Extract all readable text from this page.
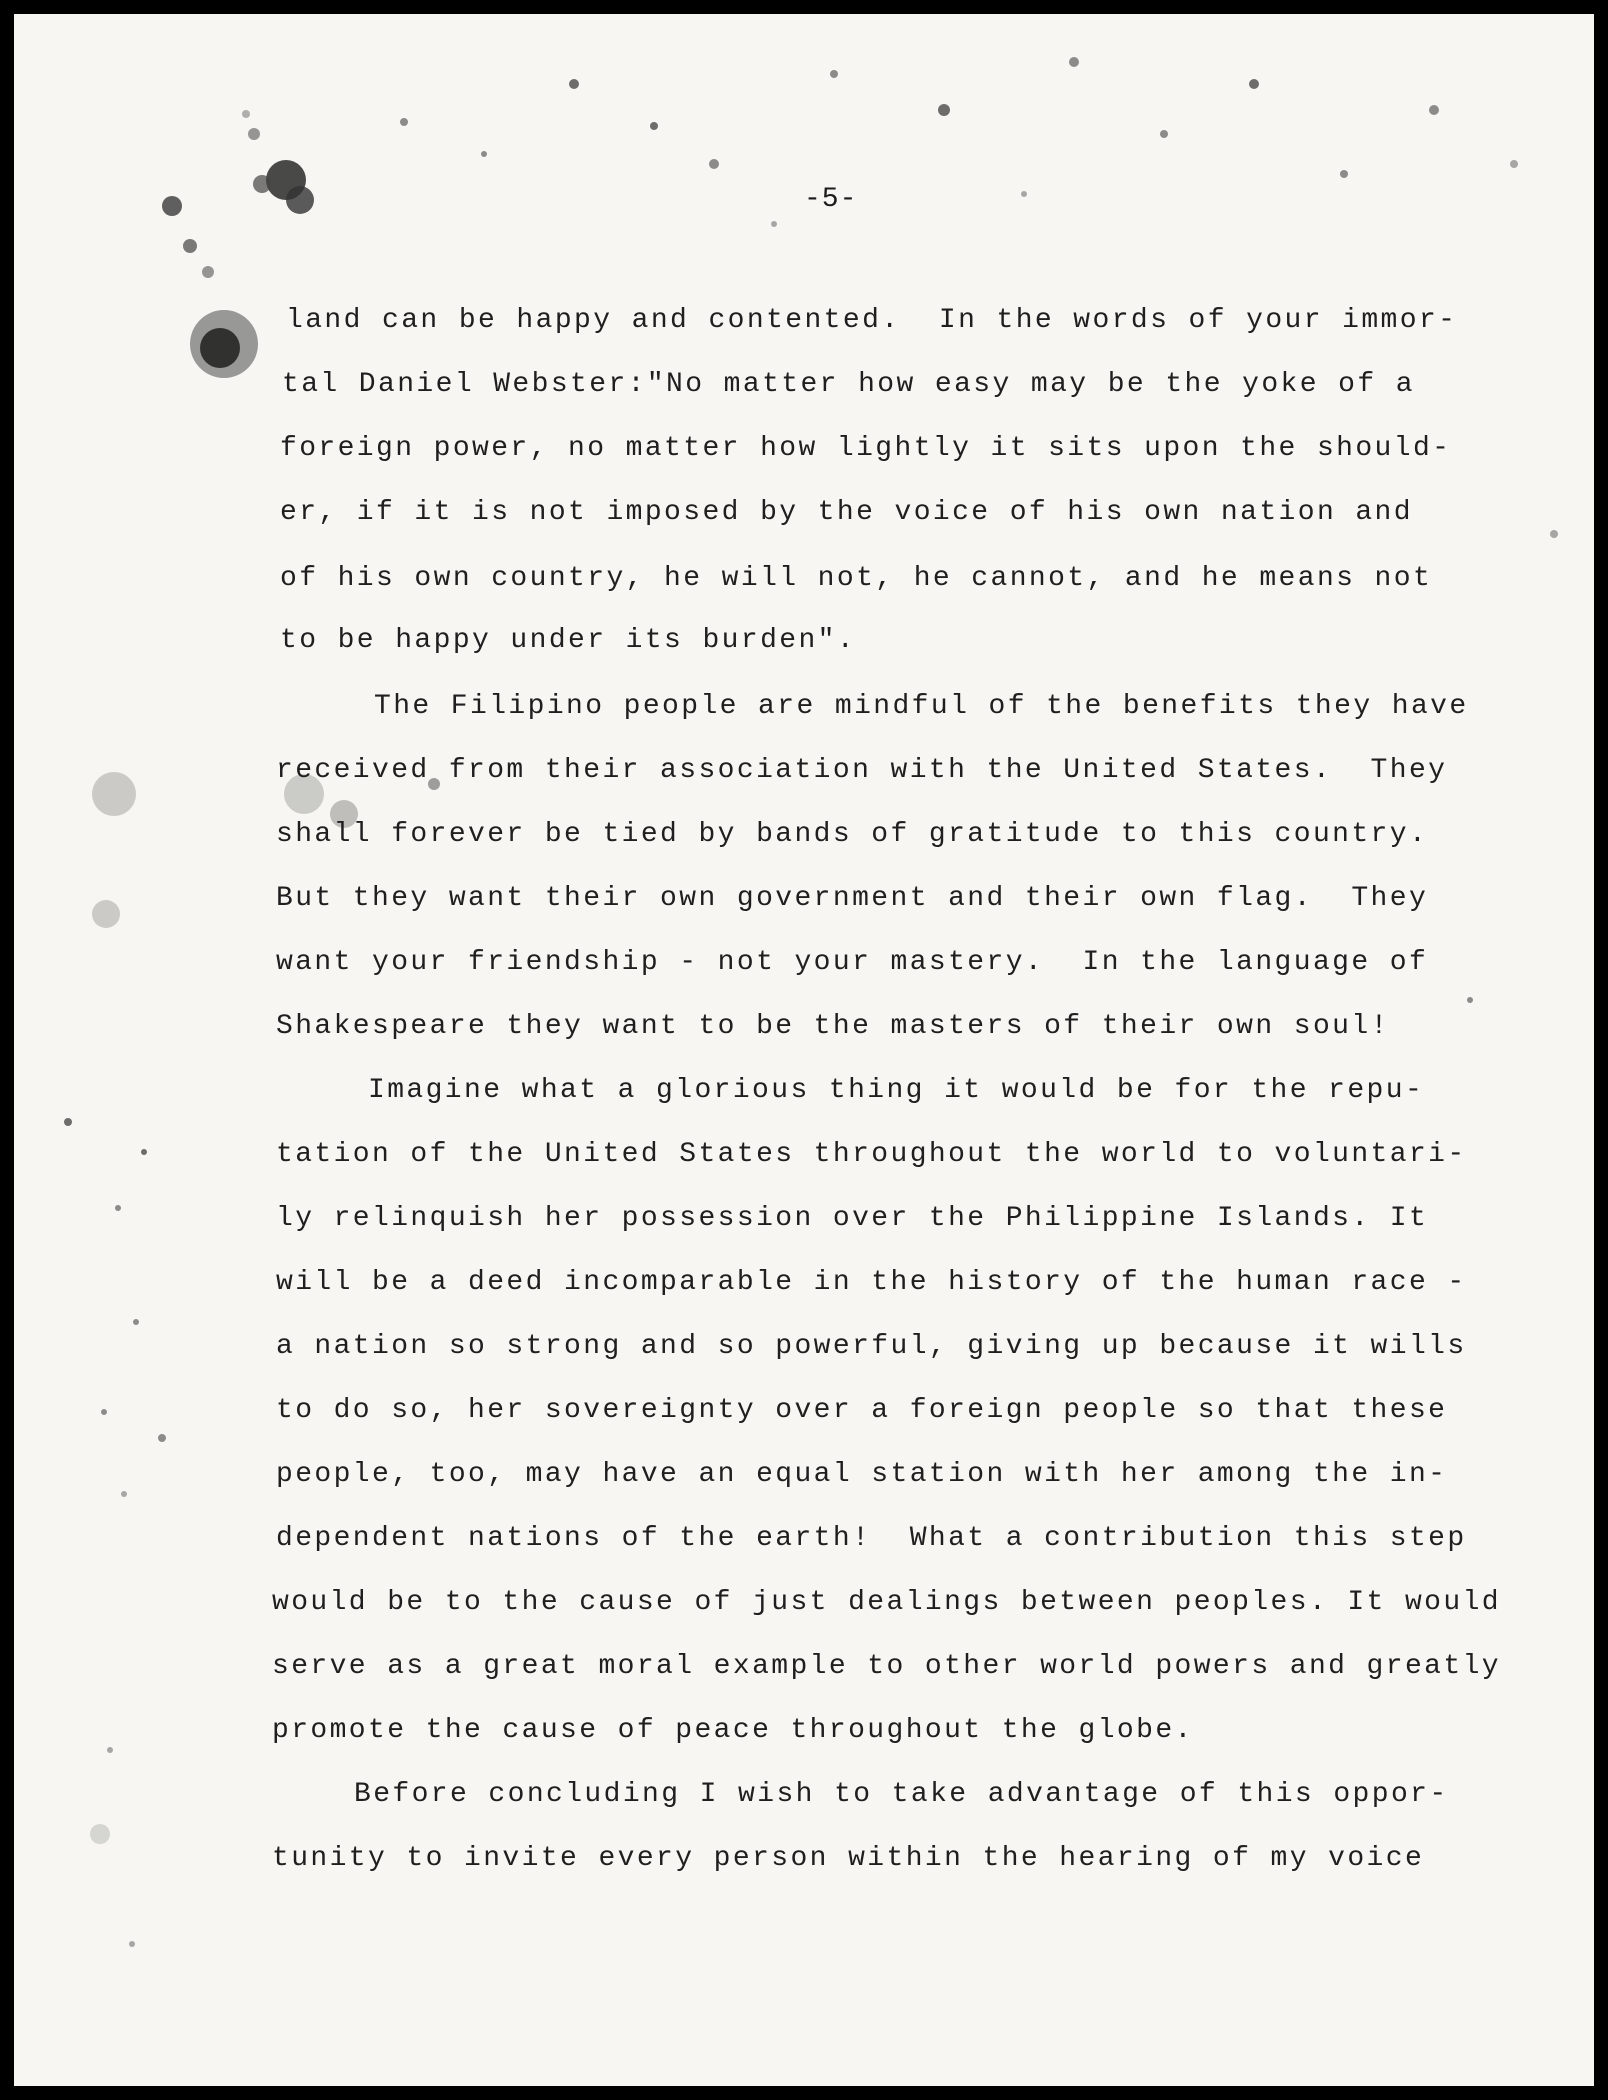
-5-
land can be happy and contented.  In the words of your immor-
tal Daniel Webster:"No matter how easy may be the yoke of a
foreign power, no matter how lightly it sits upon the should-
er, if it is not imposed by the voice of his own nation and
of his own country, he will not, he cannot, and he means not
to be happy under its burden".
The Filipino people are mindful of the benefits they have
received from their association with the United States.  They
shall forever be tied by bands of gratitude to this country.
But they want their own government and their own flag.  They
want your friendship - not your mastery.  In the language of
Shakespeare they want to be the masters of their own soul!
Imagine what a glorious thing it would be for the repu-
tation of the United States throughout the world to voluntari-
ly relinquish her possession over the Philippine Islands. It
will be a deed incomparable in the history of the human race -
a nation so strong and so powerful, giving up because it wills
to do so, her sovereignty over a foreign people so that these
people, too, may have an equal station with her among the in-
dependent nations of the earth!  What a contribution this step
would be to the cause of just dealings between peoples. It would
serve as a great moral example to other world powers and greatly
promote the cause of peace throughout the globe.
Before concluding I wish to take advantage of this oppor-
tunity to invite every person within the hearing of my voice
